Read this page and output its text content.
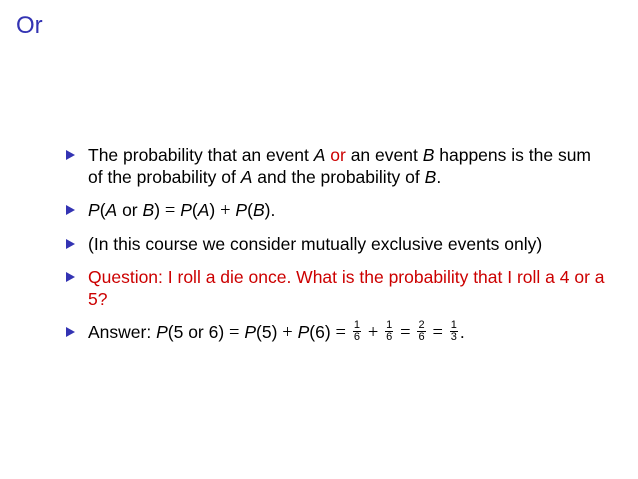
Or
The probability that an event A or an event B happens is the sum of the probability of A and the probability of B.
P(A or B) = P(A) + P(B).
(In this course we consider mutually exclusive events only)
Question: I roll a die once. What is the probability that I roll a 4 or a 5?
Answer: P(5 or $6) = P(5) + P(6) = \frac{1}{6} + \frac{1}{6} = \frac{2}{6} = \frac{1}{3}$ .
